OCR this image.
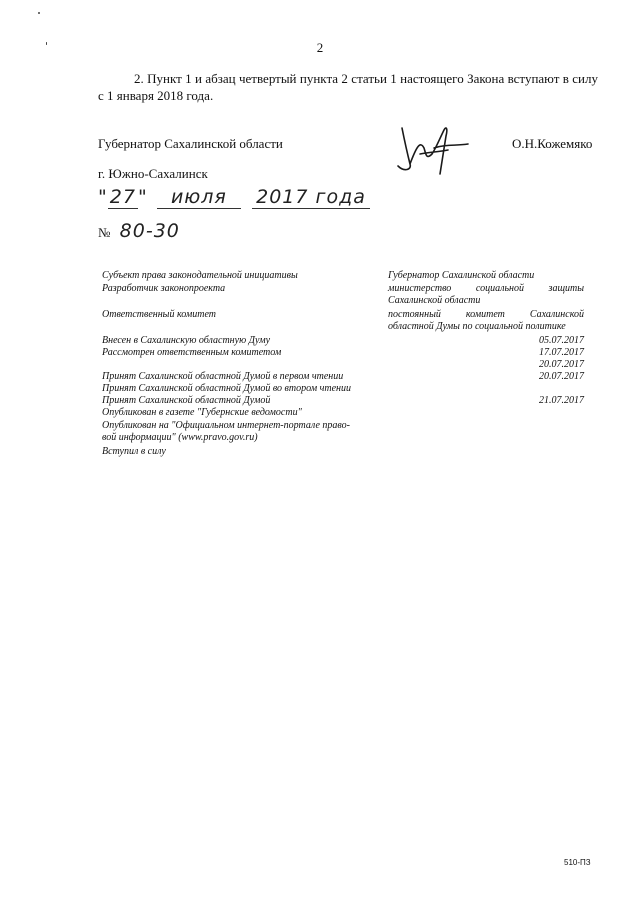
2
2. Пункт 1 и абзац четвертый пункта 2 статьи 1 настоящего Закона вступают в силу с 1 января 2018 года.
Губернатор Сахалинской области	О.Н.Кожемяко
г. Южно-Сахалинск
" 27 " июля 2017 года
№ 80-30
Субъект права законодательной инициативы
Разработчик законопроекта
Ответственный комитет
Внесен в Сахалинскую областную Думу
Рассмотрен ответственным комитетом
Принят Сахалинской областной Думой в первом чтении
Принят Сахалинской областной Думой во втором чтении
Принят Сахалинской областной Думой
Опубликован в газете "Губернские ведомости"
Опубликован на "Официальном интернет-портале право-
вой информации" (www.pravo.gov.ru)
Вступил в силу
Губернатор Сахалинской области
министерство социальной защиты
Сахалинской области
постоянный комитет Сахалинской
областной Думы по социальной политике
05.07.2017
17.07.2017
20.07.2017
20.07.2017
21.07.2017
510-ПЗ
